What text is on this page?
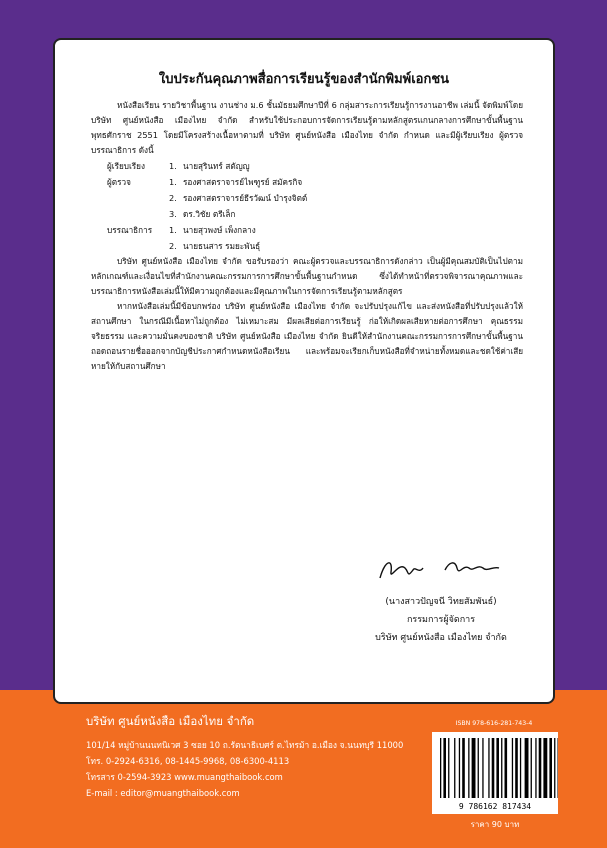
ใบประกันคุณภาพสื่อการเรียนรู้ของสำนักพิมพ์เอกชน

หนังสือเรียน รายวิชาพื้นฐาน งานช่าง ม.6 ชั้นมัธยมศึกษาปีที่ 6 กลุ่มสาระการเรียนรู้การงานอาชีพ เล่มนี้ จัดพิมพ์โดย บริษัท ศูนย์หนังสือ เมืองไทย จำกัด สำหรับใช้ประกอบการจัดการเรียนรู้ตามหลักสูตรแกนกลางการศึกษาขั้นพื้นฐาน พุทธศักราช 2551 โดยมีโครงสร้างเนื้อหาตามที่ บริษัท ศูนย์หนังสือ เมืองไทย จำกัด กำหนด และมีผู้เรียบเรียง ผู้ตรวจ บรรณาธิการ ดังนี้

ผู้เรียบเรียง	1. นายสุรินทร์ สตัญญู
ผู้ตรวจ	1. รองศาสตราจารย์ไพฑูรย์ สมัครกิจ
2. รองศาสตราจารย์ธีรวัฒน์ บำรุงจิตต์
3. ดร.วิชัย ตรีเล็ก
บรรณาธิการ	1. นายสุวพงษ์ เพ็งกลาง
2. นายธนสาร รมยะพันธุ์

บริษัท ศูนย์หนังสือ เมืองไทย จำกัด ขอรับรองว่า คณะผู้ตรวจและบรรณาธิการดังกล่าว เป็นผู้มีคุณสมบัติเป็นไปตามหลักเกณฑ์และเงื่อนไขที่สำนักงานคณะกรรมการการศึกษาขั้นพื้นฐานกำหนด ซึ่งได้ทำหน้าที่ตรวจพิจารณาคุณภาพและบรรณาธิการหนังสือเล่มนี้ให้มีความถูกต้องและมีคุณภาพในการจัดการเรียนรู้ตามหลักสูตร

หากหนังสือเล่มนี้มีข้อบกพร่อง บริษัท ศูนย์หนังสือ เมืองไทย จำกัด จะปรับปรุงแก้ไข และส่งหนังสือที่ปรับปรุงแล้วให้สถานศึกษา ในกรณีมีเนื้อหาไม่ถูกต้อง ไม่เหมาะสม มีผลเสียต่อการเรียนรู้ ก่อให้เกิดผลเสียหายต่อการศึกษา คุณธรรม จริยธรรม และความมั่นคงของชาติ บริษัท ศูนย์หนังสือ เมืองไทย จำกัด ยินดีให้สำนักงานคณะกรรมการการศึกษาขั้นพื้นฐาน ถอดถอนรายชื่อออกจากบัญชีประกาศกำหนดหนังสือเรียน และพร้อมจะเรียกเก็บหนังสือที่จำหน่ายทั้งหมดและชดใช้ค่าเสียหายให้กับสถานศึกษา

(นางสาวปัญจนี วิทยสัมพันธ์)
กรรมการผู้จัดการ
บริษัท ศูนย์หนังสือ เมืองไทย จำกัด
บริษัท ศูนย์หนังสือ เมืองไทย จำกัด
101/14 หมู่บ้านนนทนิเวศ 3 ซอย 10 ถ.รัตนาธิเบศร์ ต.ไทรม้า อ.เมือง จ.นนทบุรี 11000
โทร. 0-2924-6316, 08-1445-9968, 08-6300-4113
โทรสาร 0-2594-3923 www.muangthaibook.com
E-mail : editor@muangthaibook.com
ISBN 978-616-281-743-4
9 786162 817434
ราคา 90 บาท
